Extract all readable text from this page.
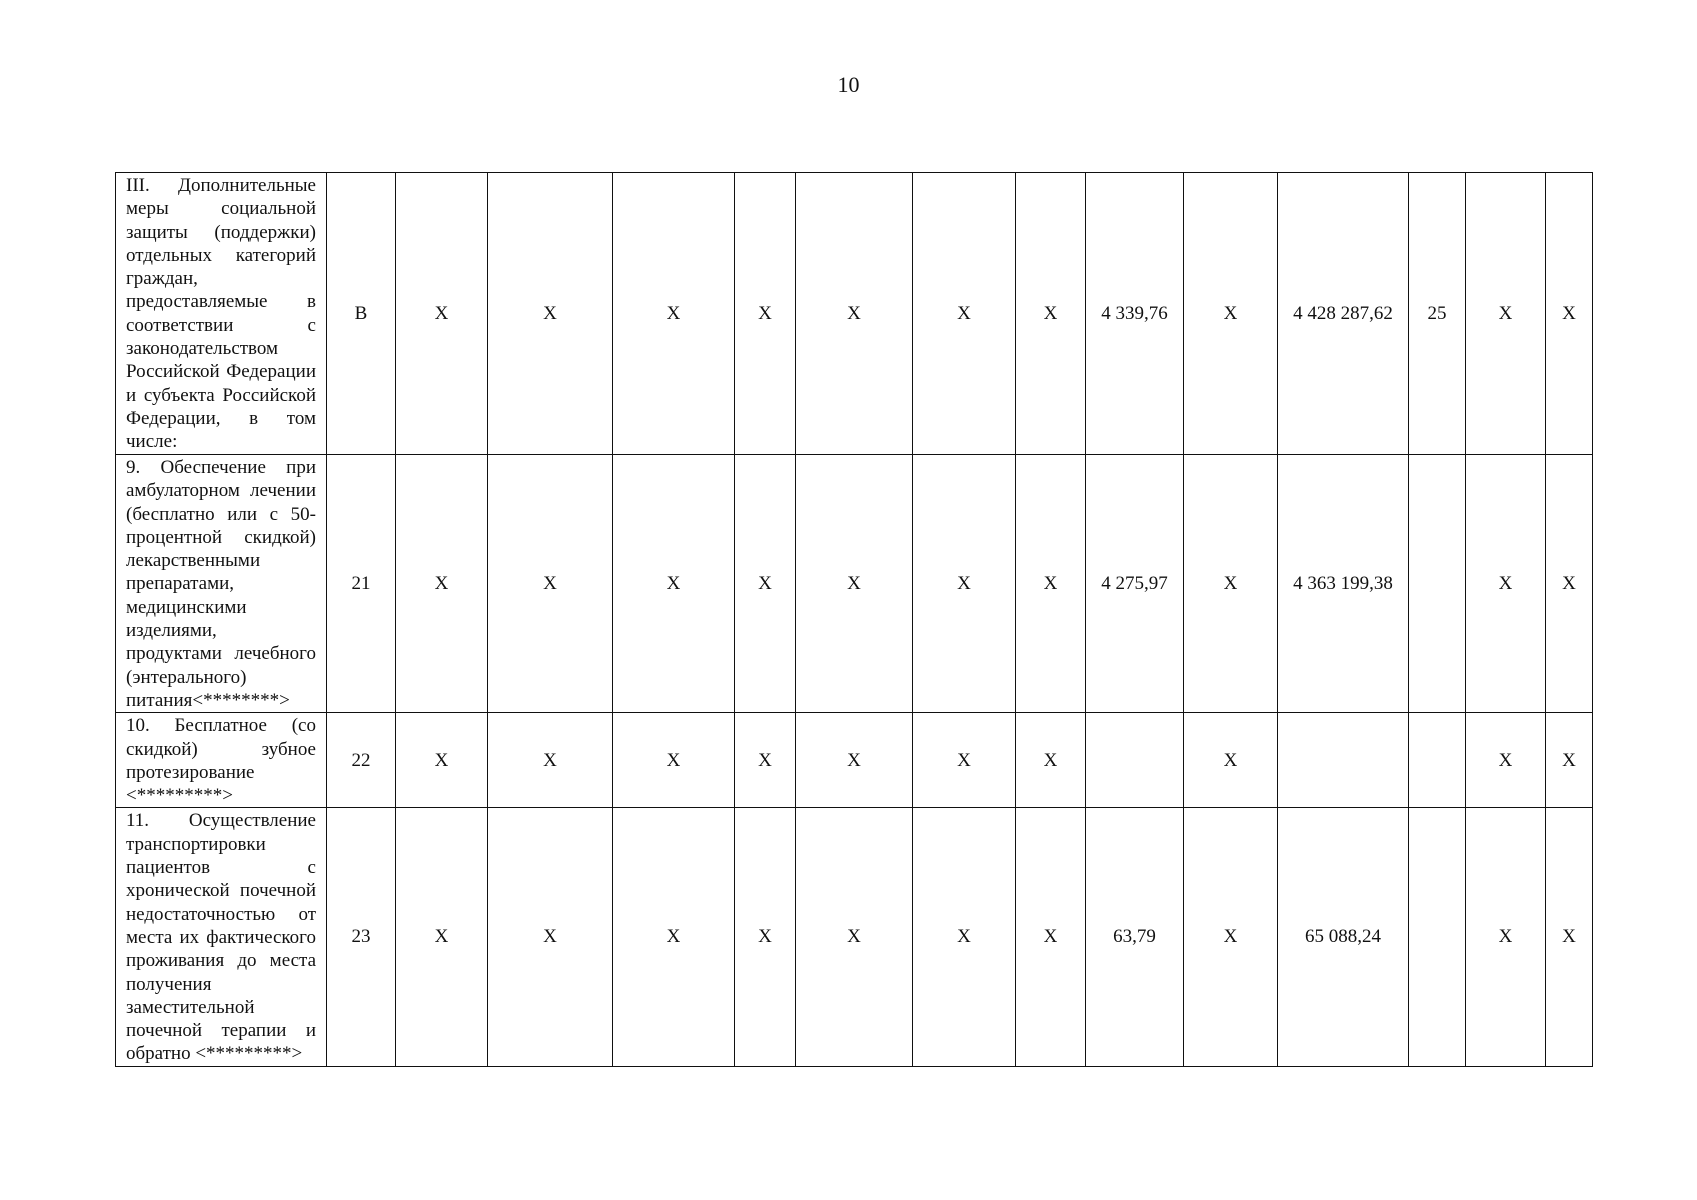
10
III. Дополнительные меры социальной защиты (поддержки) отдельных категорий граждан, предоставляемые в соответствии с законодательством Российской Федерации и субъекта Российской Федерации, в том числе:	В	Х	Х	Х	Х	Х	Х	Х	4 339,76	Х	4 428 287,62	25	Х	Х
9. Обеспечение при амбулаторном лечении (бесплатно или с 50-процентной скидкой) лекарственными препаратами, медицинскими изделиями, продуктами лечебного (энтерального) питания<********>	21	Х	Х	Х	Х	Х	Х	Х	4 275,97	Х	4 363 199,38		Х	Х
10. Бесплатное (со скидкой) зубное протезирование <*********>	22	Х	Х	Х	Х	Х	Х	Х		Х			Х	Х
11. Осуществление транспортировки пациентов с хронической почечной недостаточностью от места их фактического проживания до места получения заместительной почечной терапии и обратно <*********>	23	Х	Х	Х	Х	Х	Х	Х	63,79	Х	65 088,24		Х	Х
